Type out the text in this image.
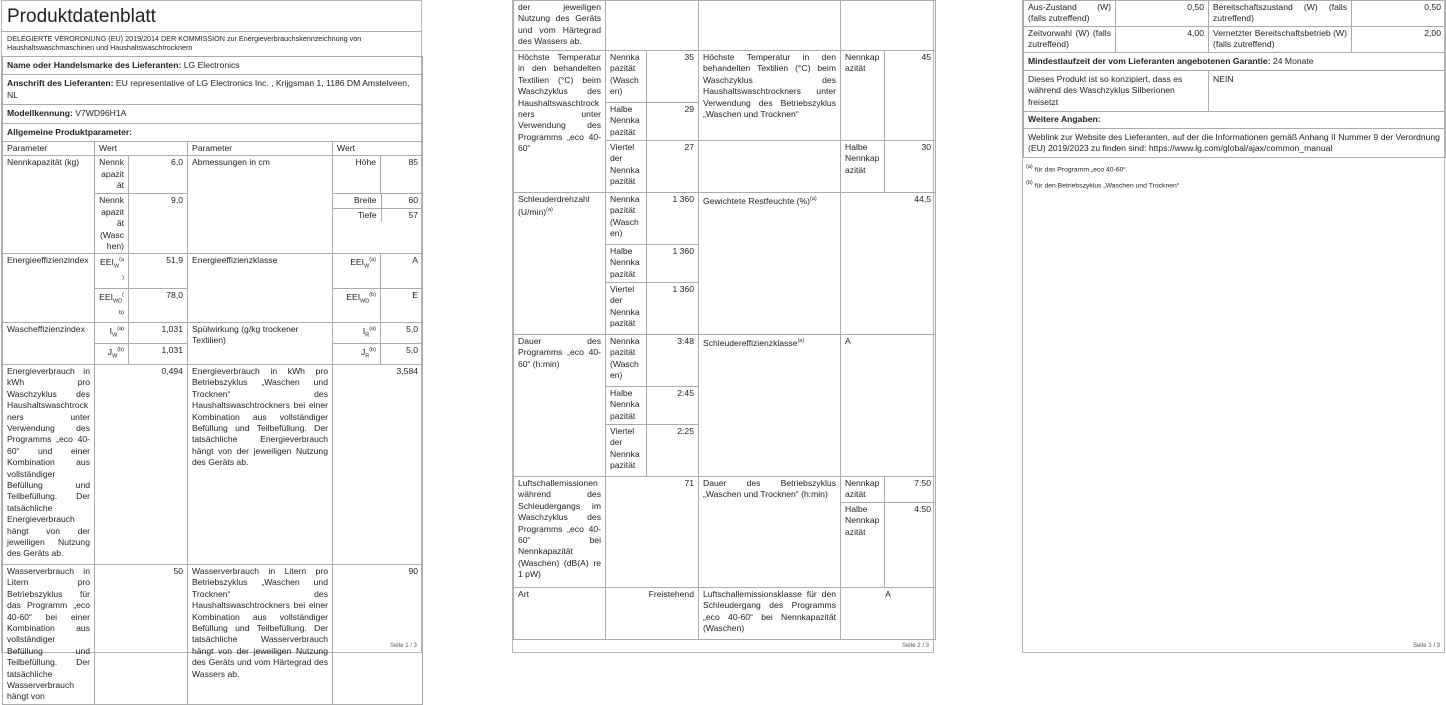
Produktdatenblatt
DELEGIERTE VERORDNUNG (EU) 2019/2014 DER KOMMISSION zur Energieverbrauchskennzeichnung von Haushaltswaschmaschinen und Haushaltswaschtrocknern
Name oder Handelsmarke des Lieferanten: LG Electronics
Anschrift des Lieferanten: EU representative of LG Electronics Inc. , Krijgsman 1, 1186 DM Amstelveen, NL
Modellkennung: V7WD96H1A
Allgemeine Produktparameter:
Parameter	Wert	Parameter	Wert
Nennkapazität (kg)	Nennkapazität	6,0	Abmessungen in cm	Höhe	85
Nennkapazität (Waschen)	9,0		Breite	60
Tiefe	57

Energieeffizienzindex	$EEI_W^{(a)}$	51,9	Energieeffizienzklasse	$EEI_W^{(a)}$	A
$EEI_{WD}^{(b)}$	78,0	$EEI_{WD}^{(b)}$	E
Wascheffizienzindex	$I_W^{(a)}$	1,031	Spülwirkung (g/kg trockener Textilien)	$I_R^{(a)}$	5,0
$J_W^{(b)}$	1,031	$J_R^{(b)}$	5,0
Energieverbrauch in kWh pro Waschzyklus des Haushaltswaschtrockners unter Verwendung des Programms „eco 40-60“ und einer Kombination aus vollständiger Befüllung und Teilbefüllung. Der tatsächliche Energieverbrauch hängt von der jeweiligen Nutzung des Geräts ab.	0,494	Energieverbrauch in kWh pro Betriebszyklus „Waschen und Trocknen“ des Haushaltswaschtrockners bei einer Kombination aus vollständiger Befüllung und Teilbefüllung. Der tatsächliche Energieverbrauch hängt von der jeweiligen Nutzung des Geräts ab.	3,584
Wasserverbrauch in Litern pro Betriebszyklus für das Programm „eco 40-60“ bei einer Kombination aus vollständiger Befüllung und Teilbefüllung. Der tatsächliche Wasserverbrauch hängt von	50	Wasserverbrauch in Litern pro Betriebszyklus „Waschen und Trocknen“ des Haushaltswaschtrockners bei einer Kombination aus vollständiger Befüllung und Teilbefüllung. Der tatsächliche Wasserverbrauch hängt von der jeweiligen Nutzung des Geräts und vom Härtegrad des Wassers ab.	90
Seite 1 / 3
der jeweiligen Nutzung des Geräts und vom Härtegrad des Wassers ab.					
Höchste Temperatur in den behandelten Textilien (°C) beim Waschzyklus des Haushaltswaschtrockners unter Verwendung des Programms „eco 40-60“	Nennkapazität (Waschen)	35	Höchste Temperatur in den behandelten Textilien (°C) beim Waschzyklus des Haushaltswaschtrockners unter Verwendung des Betriebszyklus „Waschen und Trocknen“	Nennkapazität	45
	Halbe Nennkapazität	29			
	Viertel der Nennkapazität	27		Halbe Nennkapazität	30
Schleuderdrehzahl $(U/\min)^{(a)}$	Nennkapazität (Waschen)	1 360	Gewichtete Restfeuchte (%)$^{(a)}$	44,5	
	Halbe Nennkapazität	1 360			
	Viertel der Nennkapazität	1 360			
Dauer des Programms „eco 40-60“ (h:min)	Nennkapazität (Waschen)	3:48	Schleudereffizienzklasse$^{(a)}$	A	
	Halbe Nennkapazität	2:45			
	Viertel der Nennkapazität	2:25			
Luftschallemissionen während des Schleudergangs im Waschzyklus des Programms „eco 40-60“ bei Nennkapazität (Waschen) (dB(A) re 1 pW)	71		Dauer des Betriebszyklus „Waschen und Trocknen“ (h:min)	Nennkapazität	7:50
				Halbe Nennkapazität	4:50
Art	Freistehend		Luftschallemissionsklasse für den Schleudergang des Programms „eco 40-60“ bei Nennkapazität (Waschen)	A	
Seite 2 / 3
Aus-Zustand (W) (falls zutreffend)	0,50	Bereitschaftszustand (W) (falls zutreffend)	0,50
Zeitvorwahl (W) (falls zutreffend)	4,00	Vernetzter Bereitschaftsbetrieb (W) (falls zutreffend)	2,00
Mindestlaufzeit der vom Lieferanten angebotenen Garantie: 24 Monate			
Dieses Produkt ist so konzipiert, dass es während des Waschzyklus Silberionen freisetzt		NEIN	
Weitere Angaben:			
Weblink zur Website des Lieferanten, auf der die Informationen gemäß Anhang II Nummer 9 der Verordnung (EU) 2019/2023 zu finden sind: https://www.lg.com/global/ajax/common_manual			
$^{(a)}$ für das Programm „eco 40-60“.
$^{(b)}$ für den Betriebszyklus „Waschen und Trocknen“
Seite 3 / 3
